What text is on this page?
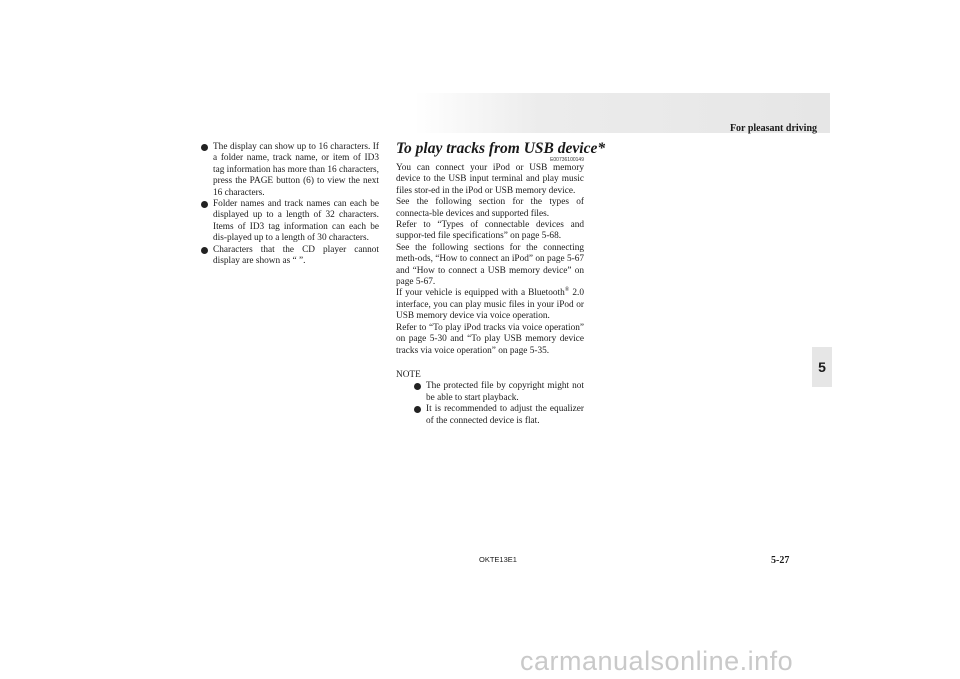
For pleasant driving

The display can show up to 16 characters. If a folder name, track name, or item of ID3 tag information has more than 16 characters, press the PAGE button (6) to view the next 16 characters.

Folder names and track names can each be displayed up to a length of 32 characters. Items of ID3 tag information can each be dis-played up to a length of 30 characters.

Characters that the CD player cannot display are shown as “ ”.

To play tracks from USB device*
E00736100149

You can connect your iPod or USB memory device to the USB input terminal and play music files stor-ed in the iPod or USB memory device.

See the following section for the types of connecta-ble devices and supported files.

Refer to “Types of connectable devices and suppor-ted file specifications” on page 5-68.

See the following sections for the connecting meth-ods, “How to connect an iPod” on page 5-67 and “How to connect a USB memory device” on page 5-67.

If your vehicle is equipped with a Bluetooth® 2.0 interface, you can play music files in your iPod or USB memory device via voice operation.

Refer to “To play iPod tracks via voice operation” on page 5-30 and “To play USB memory device tracks via voice operation” on page 5-35.

NOTE

The protected file by copyright might not be able to start playback.

It is recommended to adjust the equalizer of the connected device is flat.

5
OKTE13E1	5-27
carmanualsonline.info
